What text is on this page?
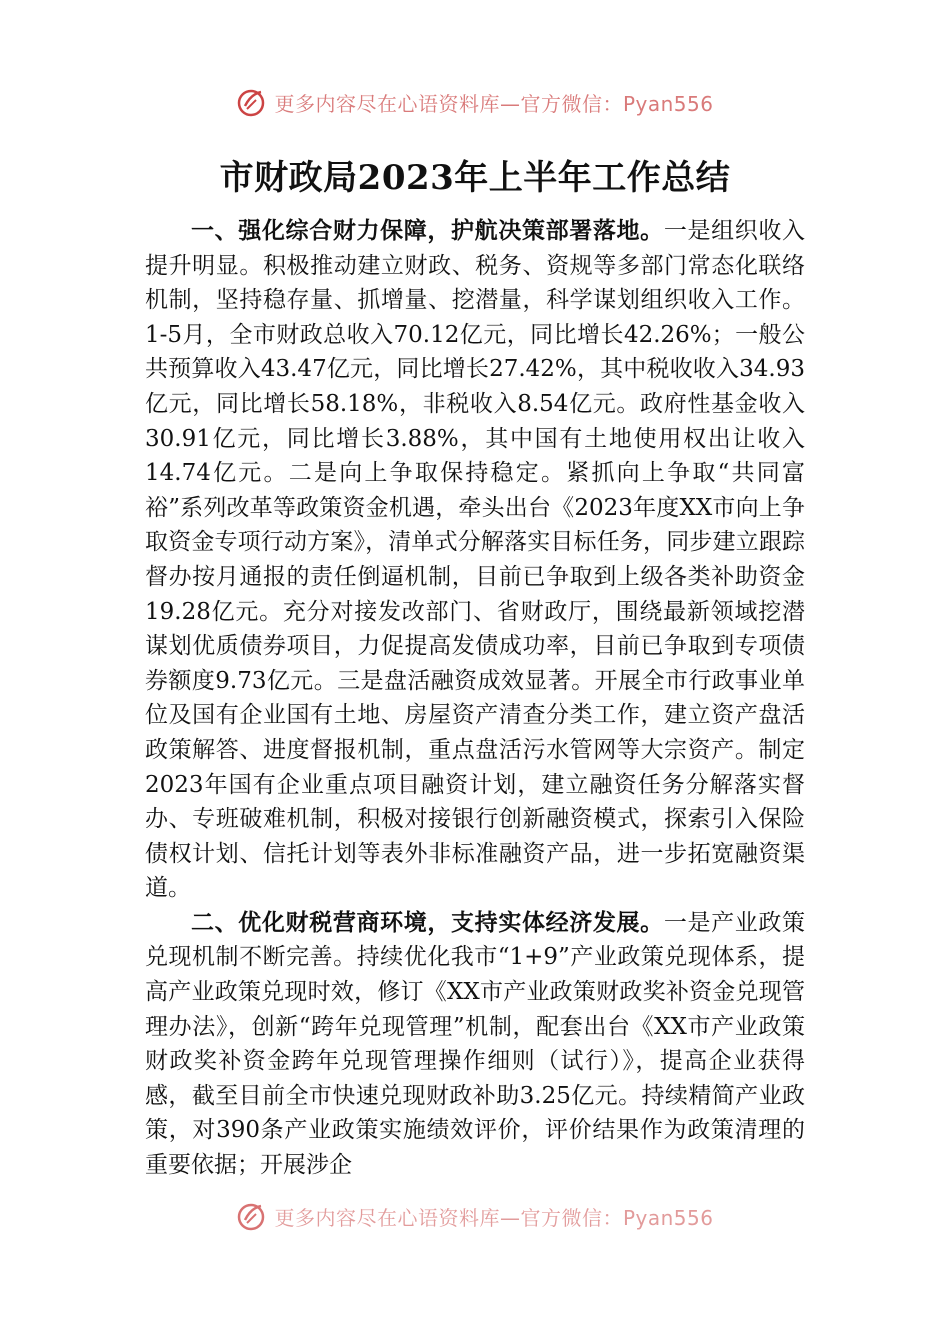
更多内容尽在心语资料库—官方微信：Pyan556
市财政局2023年上半年工作总结

一、强化综合财力保障，护航决策部署落地。一是组织收入提升明显。积极推动建立财政、税务、资规等多部门常态化联络机制，坚持稳存量、抓增量、挖潜量，科学谋划组织收入工作。1-5月，全市财政总收入70.12亿元，同比增长42.26%；一般公共预算收入43.47亿元，同比增长27.42%，其中税收收入34.93亿元，同比增长58.18%，非税收入8.54亿元。政府性基金收入30.91亿元，同比增长3.88%，其中国有土地使用权出让收入14.74亿元。二是向上争取保持稳定。紧抓向上争取“共同富裕”系列改革等政策资金机遇，牵头出台《2023年度XX市向上争取资金专项行动方案》，清单式分解落实目标任务，同步建立跟踪督办按月通报的责任倒逼机制，目前已争取到上级各类补助资金19.28亿元。充分对接发改部门、省财政厅，围绕最新领域挖潜谋划优质债券项目，力促提高发债成功率，目前已争取到专项债券额度9.73亿元。三是盘活融资成效显著。开展全市行政事业单位及国有企业国有土地、房屋资产清查分类工作，建立资产盘活政策解答、进度督报机制，重点盘活污水管网等大宗资产。制定2023年国有企业重点项目融资计划，建立融资任务分解落实督办、专班破难机制，积极对接银行创新融资模式，探索引入保险债权计划、信托计划等表外非标准融资产品，进一步拓宽融资渠道。

二、优化财税营商环境，支持实体经济发展。一是产业政策兑现机制不断完善。持续优化我市“1+9”产业政策兑现体系，提高产业政策兑现时效，修订《XX市产业政策财政奖补资金兑现管理办法》，创新“跨年兑现管理”机制，配套出台《XX市产业政策财政奖补资金跨年兑现管理操作细则（试行）》，提高企业获得感，截至目前全市快速兑现财政补助3.25亿元。持续精简产业政策，对390条产业政策实施绩效评价，评价结果作为政策清理的重要依据；开展涉企

更多内容尽在心语资料库—官方微信：Pyan556
